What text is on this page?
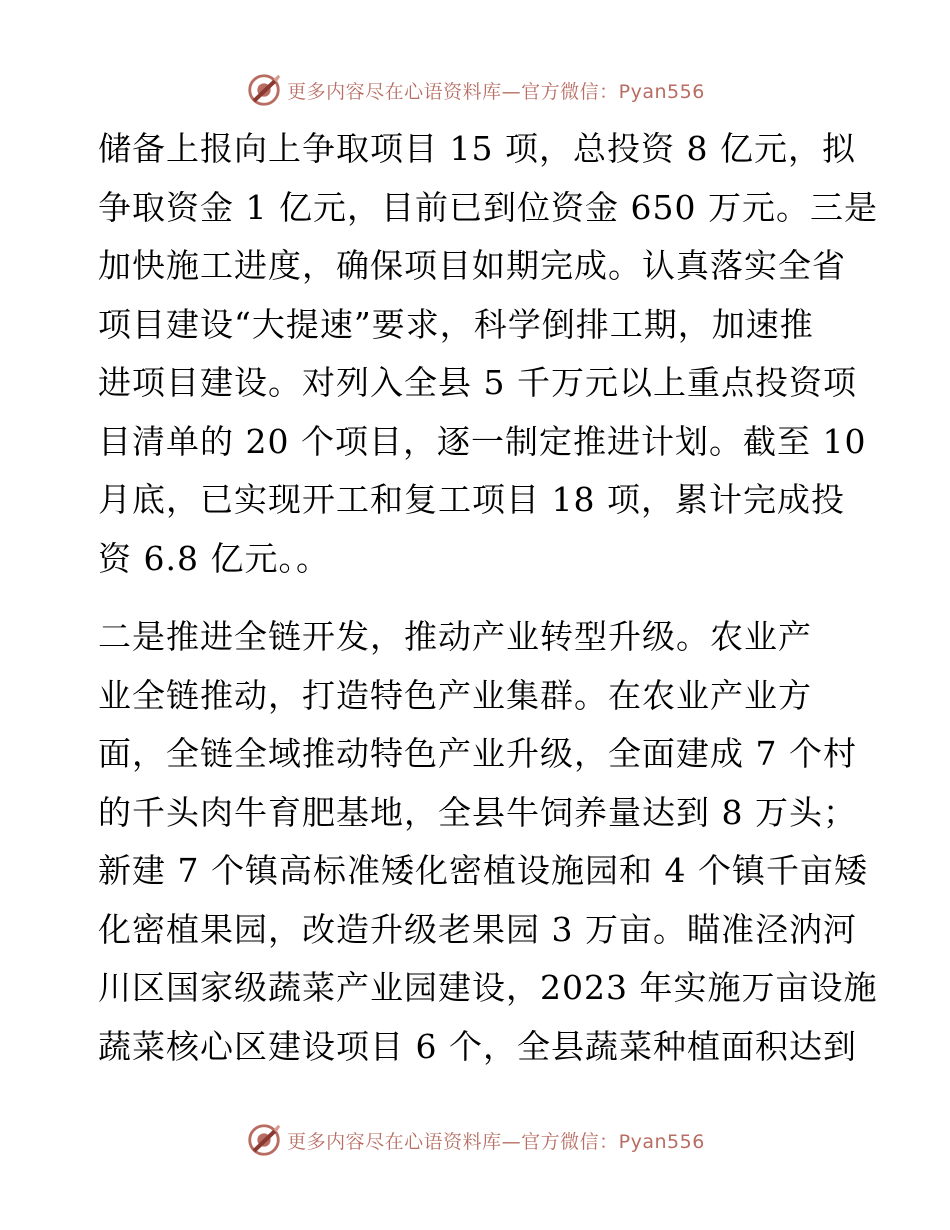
更多内容尽在心语资料库—官方微信：Pyan556
储备上报向上争取项目 15 项，总投资 8 亿元，拟
争取资金 1 亿元，目前已到位资金 650 万元。三是
加快施工进度，确保项目如期完成。认真落实全省
项目建设“大提速”要求，科学倒排工期，加速推
进项目建设。对列入全县 5 千万元以上重点投资项
目清单的 20 个项目，逐一制定推进计划。截至 10
月底，已实现开工和复工项目 18 项，累计完成投
资 6.8 亿元。。
二是推进全链开发，推动产业转型升级。农业产
业全链推动，打造特色产业集群。在农业产业方
面，全链全域推动特色产业升级，全面建成 7 个村
的千头肉牛育肥基地，全县牛饲养量达到 8 万头；
新建 7 个镇高标准矮化密植设施园和 4 个镇千亩矮
化密植果园，改造升级老果园 3 万亩。瞄准泾汭河
川区国家级蔬菜产业园建设，2023 年实施万亩设施
蔬菜核心区建设项目 6 个，全县蔬菜种植面积达到
更多内容尽在心语资料库—官方微信：Pyan556
